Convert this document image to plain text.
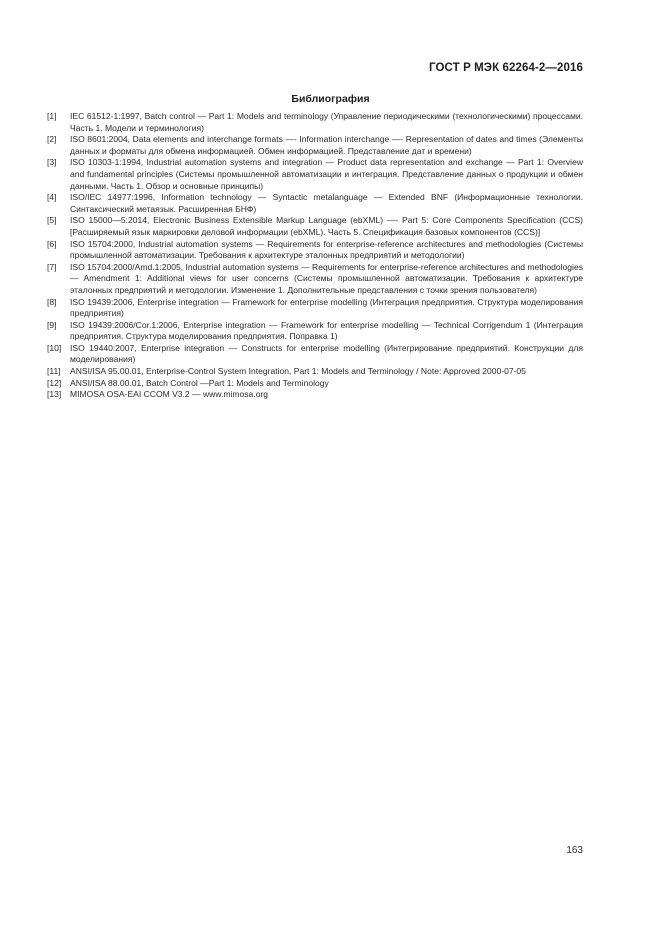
ГОСТ Р МЭК 62264-2—2016
Библиография
[1] IEC 61512-1:1997, Batch control — Part 1: Models and terminology (Управление периодическими (технологическими) процессами. Часть 1. Модели и терминология)
[2] ISO 8601:2004, Data elements and interchange formats —- Information interchange —- Representation of dates and times (Элементы данных и форматы для обмена информацией. Обмен информацией. Представление дат и времени)
[3] ISO 10303-1:1994, Industrial automation systems and integration — Product data representation and exchange — Part 1: Overview and fundamental principles (Системы промышленной автоматизации и интеграция. Представление данных о продукции и обмен данными. Часть 1. Обзор и основные принципы)
[4] ISO/IEC 14977:1996, Information technology — Syntactic metalanguage — Extended BNF (Информационные технологии. Синтаксический метаязык. Расширенная БНФ)
[5] ISO 15000—5:2014, Electronic Business Extensible Markup Language (ebXML) —- Part 5: Core Components Specification (CCS) [Расширяемый язык маркировки деловой информации (ebXML). Часть 5. Спецификация базовых компонентов (CCS)]
[6] ISO 15704:2000, Industrial automation systems — Requirements for enterprise-reference architectures and methodologies (Системы промышленной автоматизации. Требования к архитектуре эталонных предприятий и методологии)
[7] ISO 15704:2000/Amd.1:2005, Industrial automation systems — Requirements for enterprise-reference architectures and methodologies — Amendment 1: Additional views for user concerns (Системы промышленной автоматизации. Требования к архитектуре эталонных предприятий и методологии. Изменение 1. Дополнительные представления с точки зрения пользователя)
[8] ISO 19439:2006, Enterprise integration — Framework for enterprise modelling (Интеграция предприятия. Структура моделирования предприятия)
[9] ISO 19439:2006/Cor.1:2006, Enterprise integration — Framework for enterprise modelling — Technical Corrigendum 1 (Интеграция предприятия. Структура моделирования предприятия. Поправка 1)
[10] ISO 19440:2007, Enterprise integration — Constructs for enterprise modelling (Интегрирование предприятий. Конструкции для моделирования)
[11] ANSI/ISA 95.00.01, Enterprise-Control System Integration, Part 1: Models and Terminology / Note: Approved 2000-07-05
[12] ANSI/ISA 88.00.01, Batch Control —Part 1: Models and Terminology
[13] MIMOSA OSA-EAI CCOM V3.2 — www.mimosa.org
163
